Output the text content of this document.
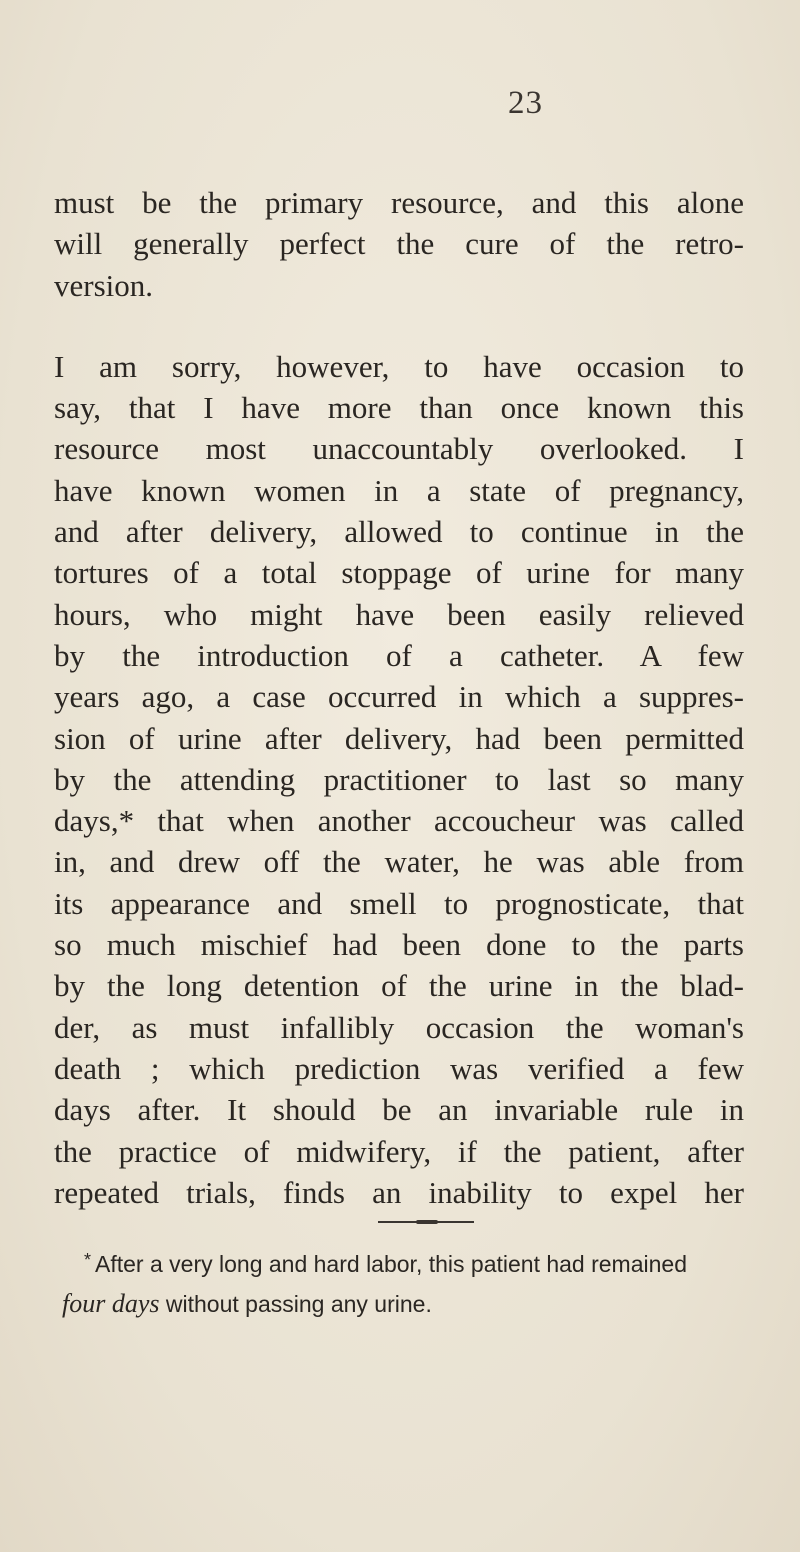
23
must be the primary resource, and this alone
will generally perfect the cure of the retro-
version.
I am sorry, however, to have occasion to
say, that I have more than once known this
resource most unaccountably overlooked. I
have known women in a state of pregnancy,
and after delivery, allowed to continue in the
tortures of a total stoppage of urine for many
hours, who might have been easily relieved
by the introduction of a catheter. A few
years ago, a case occurred in which a suppres-
sion of urine after delivery, had been permitted
by the attending practitioner to last so many
days,* that when another accoucheur was called
in, and drew off the water, he was able from
its appearance and smell to prognosticate, that
so much mischief had been done to the parts
by the long detention of the urine in the blad-
der, as must infallibly occasion the woman's
death ; which prediction was verified a few
days after. It should be an invariable rule in
the practice of midwifery, if the patient, after
repeated trials, finds an inability to expel her
* After a very long and hard labor, this patient had remained
four days without passing any urine.
